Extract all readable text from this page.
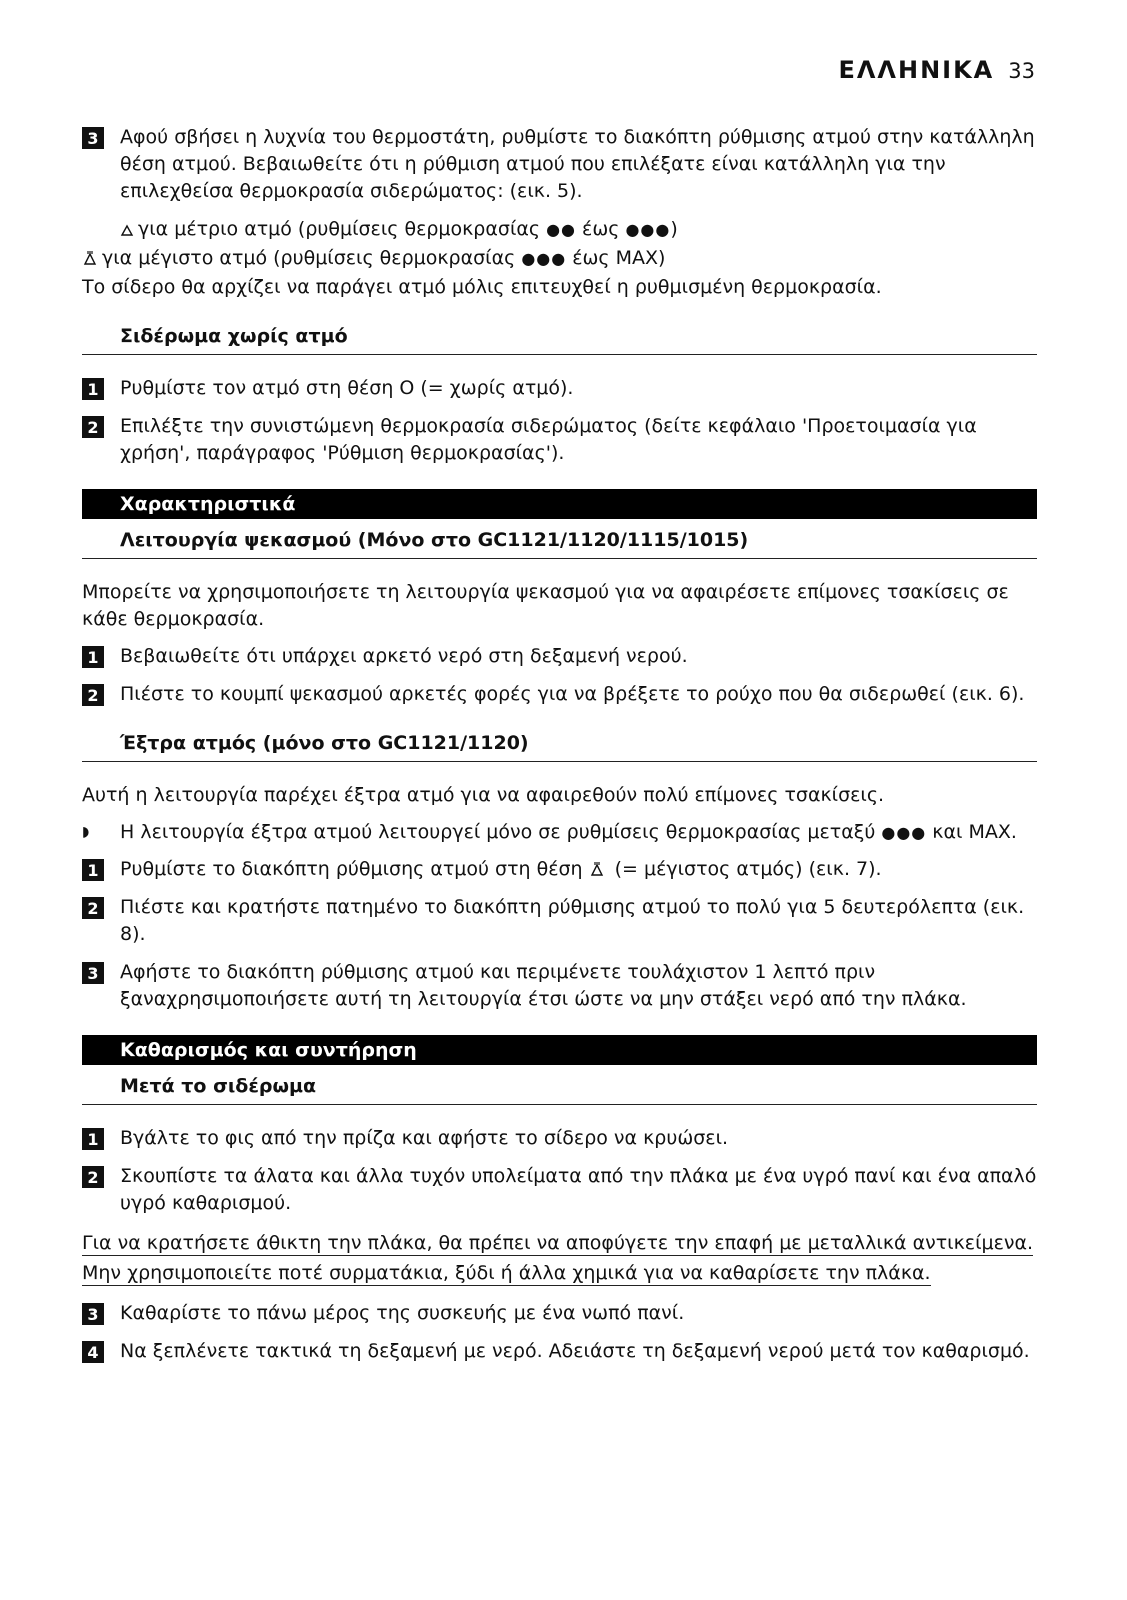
ΕΛΛΗΝΙΚΑ 33
3 Αφού σβήσει η λυχνία του θερμοστάτη, ρυθμίστε το διακόπτη ρύθμισης ατμού στην κατάλληλη θέση ατμού. Βεβαιωθείτε ότι η ρύθμιση ατμού που επιλέξατε είναι κατάλληλη για την επιλεχθείσα θερμοκρασία σιδερώματος: (εικ. 5).
για μέτριο ατμό (ρυθμίσεις θερμοκρασίας ●● έως ●●●)
για μέγιστο ατμό (ρυθμίσεις θερμοκρασίας ●●● έως MAX)
Το σίδερο θα αρχίζει να παράγει ατμό μόλις επιτευχθεί η ρυθμισμένη θερμοκρασία.
Σιδέρωμα χωρίς ατμό
1 Ρυθμίστε τον ατμό στη θέση O (= χωρίς ατμό).
2 Επιλέξτε την συνιστώμενη θερμοκρασία σιδερώματος (δείτε κεφάλαιο 'Προετοιμασία για χρήση', παράγραφος 'Ρύθμιση θερμοκρασίας').
Χαρακτηριστικά
Λειτουργία ψεκασμού (Μόνο στο GC1121/1120/1115/1015)
Μπορείτε να χρησιμοποιήσετε τη λειτουργία ψεκασμού για να αφαιρέσετε επίμονες τσακίσεις σε κάθε θερμοκρασία.
1 Βεβαιωθείτε ότι υπάρχει αρκετό νερό στη δεξαμενή νερού.
2 Πιέστε το κουμπί ψεκασμού αρκετές φορές για να βρέξετε το ρούχο που θα σιδερωθεί (εικ. 6).
Έξτρα ατμός (μόνο στο GC1121/1120)
Αυτή η λειτουργία παρέχει έξτρα ατμό για να αφαιρεθούν πολύ επίμονες τσακίσεις.
◗	Η λειτουργία έξτρα ατμού λειτουργεί μόνο σε ρυθμίσεις θερμοκρασίας μεταξύ ●●● και MAX.
1 Ρυθμίστε το διακόπτη ρύθμισης ατμού στη θέση  (= μέγιστος ατμός) (εικ. 7).
2 Πιέστε και κρατήστε πατημένο το διακόπτη ρύθμισης ατμού το πολύ για 5 δευτερόλεπτα (εικ. 8).
3 Αφήστε το διακόπτη ρύθμισης ατμού και περιμένετε τουλάχιστον 1 λεπτό πριν ξαναχρησιμοποιήσετε αυτή τη λειτουργία έτσι ώστε να μην στάξει νερό από την πλάκα.
Καθαρισμός και συντήρηση
Μετά το σιδέρωμα
1 Βγάλτε το φις από την πρίζα και αφήστε το σίδερο να κρυώσει.
2 Σκουπίστε τα άλατα και άλλα τυχόν υπολείματα από την πλάκα με ένα υγρό πανί και ένα απαλό υγρό καθαρισμού.
Για να κρατήσετε άθικτη την πλάκα, θα πρέπει να αποφύγετε την επαφή με μεταλλικά αντικείμενα. Μην χρησιμοποιείτε ποτέ συρματάκια, ξύδι ή άλλα χημικά για να καθαρίσετε την πλάκα.
3 Καθαρίστε το πάνω μέρος της συσκευής με ένα νωπό πανί.
4 Να ξεπλένετε τακτικά τη δεξαμενή με νερό. Αδειάστε τη δεξαμενή νερού μετά τον καθαρισμό.
